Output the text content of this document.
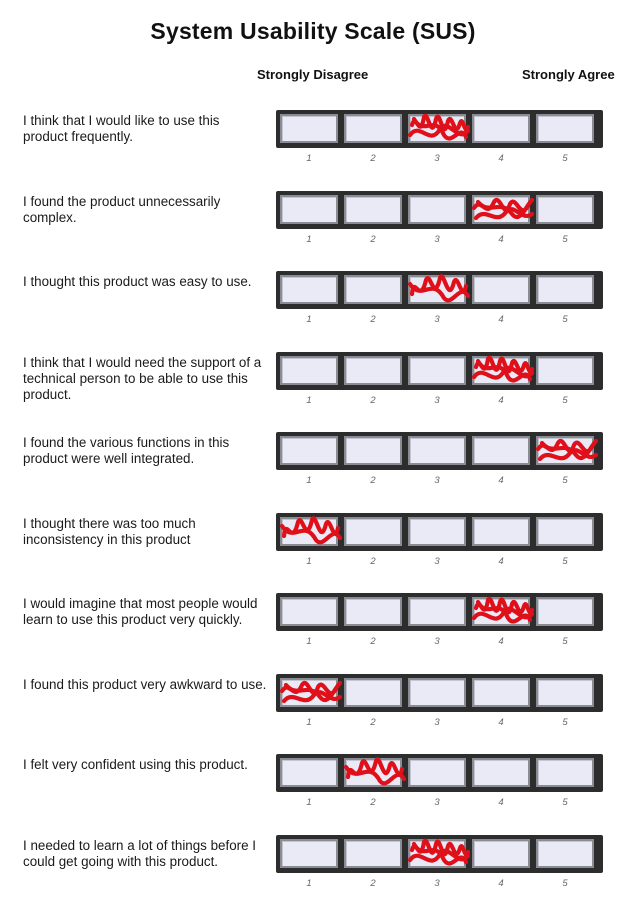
System Usability Scale (SUS)
Strongly Disagree	Strongly Agree
I think that I would like to use this product frequently.
1	2	3	4	5
I found the product unnecessarily complex.
1	2	3	4	5
I thought this product was easy to use.
1	2	3	4	5
I think that I would need the support of a technical person to be able to use this product.	1	2	3	4	5
I found the various functions in this product were well integrated.
1	2	3	4	5
I thought there was too much inconsistency in this product
1	2	3	4	5
I would imagine that most people would learn to use this product very quickly.
1	2	3	4	5
I found this product very awkward to use.
1	2	3	4	5
I felt very confident using this product.
1	2	3	4	5
I needed to learn a lot of things before I could get going with this product.
1	2	3	4	5
